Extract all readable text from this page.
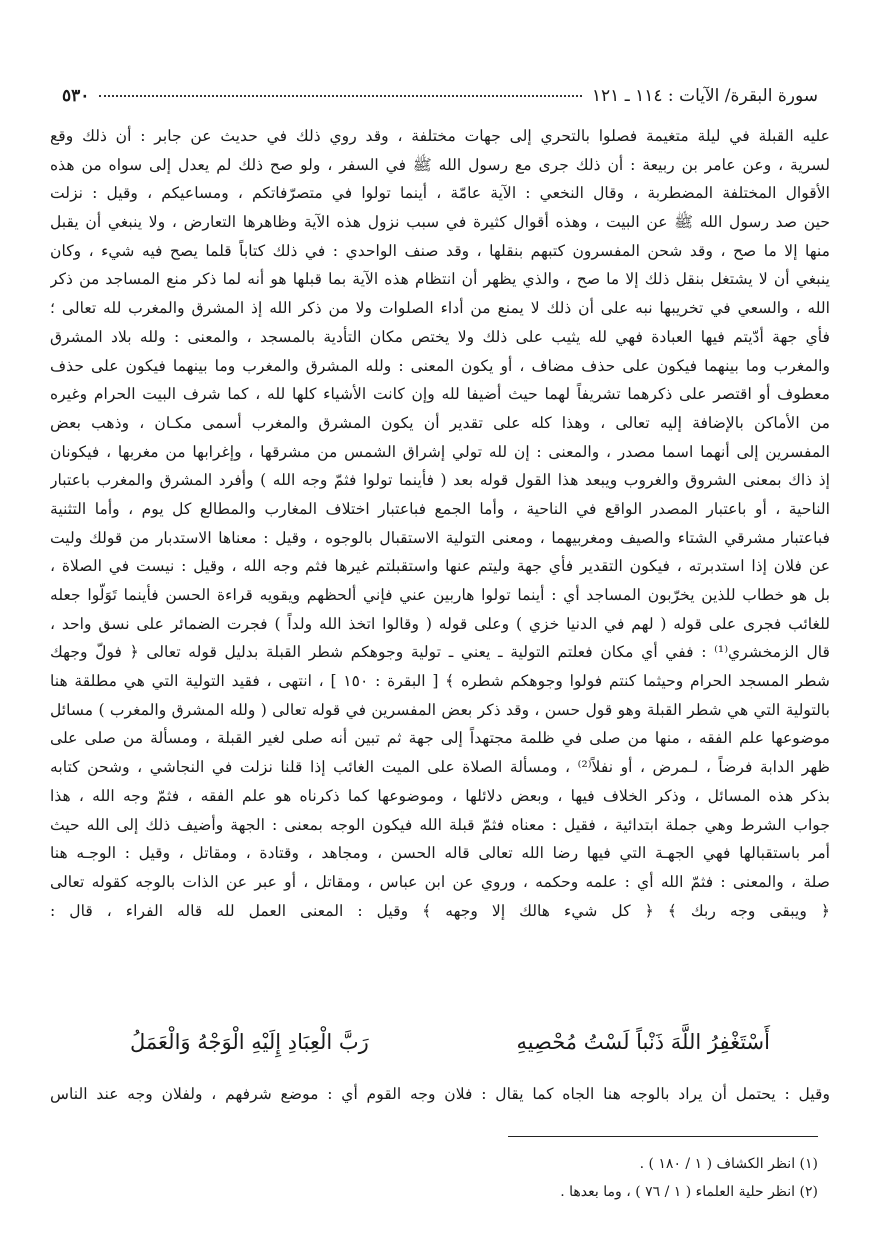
سورة البقرة/ الآيات : ١١٤ ـ ١٢١
٥٣٠
عليه القبلة في ليلة متغيمة فصلوا بالتحري إلى جهات مختلفة ، وقد روي ذلك في حديث عن جابر : أن ذلك وقع
لسرية ، وعن عامر بن ربيعة : أن ذلك جرى مع رسول الله ﷺ في السفر ، ولو صح ذلك لم يعدل إلى سواه من هذه
الأقوال المختلفة المضطربة ، وقال النخعي : الآية عامّة ، أينما تولوا في متصرّفاتكم ، ومساعيكم ، وقيل : نزلت
حين صد رسول الله ﷺ عن البيت ، وهذه أقوال كثيرة في سبب نزول هذه الآية وظاهرها التعارض ، ولا ينبغي أن يقبل
منها إلا ما صح ، وقد شحن المفسرون كتبهم بنقلها ، وقد صنف الواحدي : في ذلك كتاباً قلما يصح فيه شيء ، وكان
ينبغي أن لا يشتغل بنقل ذلك إلا ما صح ، والذي يظهر أن انتظام هذه الآية بما قبلها هو أنه لما ذكر منع المساجد من ذكر
الله ، والسعي في تخريبها نبه على أن ذلك لا يمنع من أداء الصلوات ولا من ذكر الله إذ المشرق والمغرب لله تعالى ؛
فأي جهة أدّيتم فيها العبادة فهي لله يثيب على ذلك ولا يختص مكان التأدية بالمسجد ، والمعنى : ولله بلاد المشرق
والمغرب وما بينهما فيكون على حذف مضاف ، أو يكون المعنى : ولله المشرق والمغرب وما بينهما فيكون على حذف
معطوف أو اقتصر على ذكرهما تشريفاً لهما حيث أضيفا لله وإن كانت الأشياء كلها لله ، كما شرف البيت الحرام وغيره
من الأماكن بالإضافة إليه تعالى ، وهذا كله على تقدير أن يكون المشرق والمغرب أسمى مكـان ، وذهب بعض
المفسرين إلى أنهما اسما مصدر ، والمعنى : إن لله تولي إشراق الشمس من مشرقها ، وإغرابها من مغربها ، فيكونان
إذ ذاك بمعنى الشروق والغروب ويبعد هذا القول قوله بعد ( فأينما تولوا فثمّ وجه الله ) وأفرد المشرق والمغرب باعتبار
الناحية ، أو باعتبار المصدر الواقع في الناحية ، وأما الجمع فباعتبار اختلاف المغارب والمطالع كل يوم ، وأما التثنية
فباعتبار مشرقي الشتاء والصيف ومغربيهما ، ومعنى التولية الاستقبال بالوجوه ، وقيل : معناها الاستدبار من قولك وليت
عن فلان إذا استدبرته ، فيكون التقدير فأي جهة وليتم عنها واستقبلتم غيرها فثم وجه الله ، وقيل : نيست في الصلاة ،
بل هو خطاب للذين يخرّبون المساجد أي : أينما تولوا هاربين عني فإني ألحظهم ويقويه قراءة الحسن فأينما تَوَلّوا جعله
للغائب فجرى على قوله ( لهم في الدنيا خزي ) وعلى قوله ( وقالوا اتخذ الله ولداً ) فجرت الضمائر على نسق واحد ،
قال الزمخشري⁽¹⁾ : ففي أي مكان فعلتم التولية ـ يعني ـ تولية وجوهكم شطر القبلة بدليل قوله تعالى ﴿ فولّ وجهك
شطر المسجد الحرام وحيثما كنتم فولوا وجوهكم شطره ﴾ [ البقرة : ١٥٠ ] ، انتهى ، فقيد التولية التي هي مطلقة هنا
بالتولية التي هي شطر القبلة وهو قول حسن ، وقد ذكر بعض المفسرين في قوله تعالى ( ولله المشرق والمغرب ) مسائل
موضوعها علم الفقه ، منها من صلى في ظلمة مجتهداً إلى جهة ثم تبين أنه صلى لغير القبلة ، ومسألة من صلى على
ظهر الدابة فرضاً ، لـمرض ، أو نفلاً⁽²⁾ ، ومسألة الصلاة على الميت الغائب إذا قلنا نزلت في النجاشي ، وشحن كتابه
بذكر هذه المسائل ، وذكر الخلاف فيها ، وبعض دلائلها ، وموضوعها كما ذكرناه هو علم الفقه ، فثمّ وجه الله ، هذا
جواب الشرط وهي جملة ابتدائية ، فقيل : معناه فثمّ قبلة الله فيكون الوجه بمعنى : الجهة وأضيف ذلك إلى الله حيث
أمر باستقبالها فهي الجهـة التي فيها رضا الله تعالى قاله الحسن ، ومجاهد ، وقتادة ، ومقاتل ، وقيل : الوجـه هنا
صلة ، والمعنى : فثمّ الله أي : علمه وحكمه ، وروي عن ابن عباس ، ومقاتل ، أو عبر عن الذات بالوجه كقوله تعالى
﴿ ويبقى وجه ربك ﴾ ﴿ كل شيء هالك إلا وجهه ﴾ وقيل : المعنى العمل لله قاله الفراء ، قال :
أَسْتَغْفِرُ اللَّهَ ذَنْباً لَسْتُ مُحْصِيهِ
رَبَّ الْعِبَادِ إِلَيْهِ الْوَجْهُ وَالْعَمَلُ
وقيل : يحتمل أن يراد بالوجه هنا الجاه كما يقال : فلان وجه القوم أي : موضع شرفهم ، ولفلان وجه عند الناس
(١) انظر الكشاف ( ١ / ١٨٠ ) .
(٢) انظر حلية العلماء ( ١ / ٧٦ ) ، وما بعدها .
